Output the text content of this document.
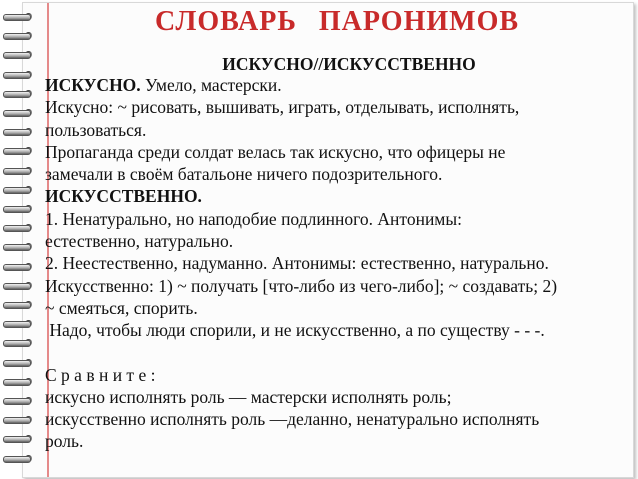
СЛОВАРЬ ПАРОНИМОВ
ИСКУСНО//ИСКУССТВЕННО

ИСКУСНО. Умело, мастерски.

Искусно: ~ рисовать, вышивать, играть, отделывать, исполнять,

пользоваться.

Пропаганда среди солдат велась так искусно, что офицеры не

замечали в своём батальоне ничего подозрительного.

ИСКУССТВЕННО.

1. Ненатурально, но наподобие подлинного. Антонимы:

естественно, натурально.

2. Неестественно, надуманно. Антонимы: естественно, натурально.

Искусственно: 1) ~ получать [что-либо из чего-либо]; ~ создавать; 2)

~ смеяться, спорить.

Надо, чтобы люди спорили, и не искусственно, а по существу - - -.

С р а в н и т е :

искусно исполнять роль — мастерски исполнять роль;

искусственно исполнять роль —деланно, ненатурально исполнять

роль.
